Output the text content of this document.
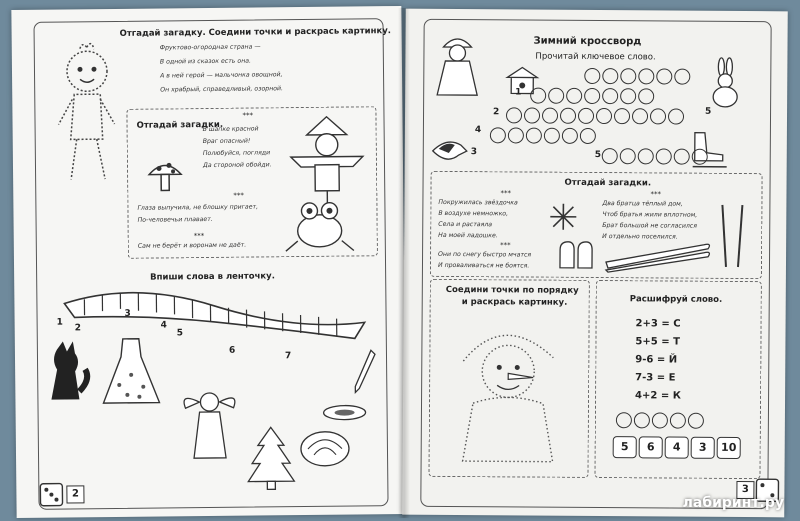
Отгадай загадку. Соедини точки и раскрась картинку.
Фруктово-огородная страна —
В одной из сказок есть она.
А в ней герой — мальчонка овощной,
Он храбрый, справедливый, озорной.
Отгадай загадки.
***
В шапке красной
Враг опасный!
Полюбуйся, погляди
Да стороной обойди.
***
Глаза выпучила, не блошку пригает,
По-человечьи плавает.
***
Сам не берёт и воронам не даёт.
Впиши слова в ленточку.
1
2
3
4
5
6
7
2
Зимний кроссворд
Прочитай ключевое слово.
1
2
4
3	5
5
Отгадай загадки.
***
Покружилась звёздочка
В воздухе немножко,
Села и растаяла
На моей ладошке.
***
Они по снегу быстро мчатся
И проваливаться не боятся.
***
Два братца тёплый дом,
Чтоб братья жили вплотном,
Брат большой не согласился
И отдельно поселился.
Соедини точки по порядку
и раскрась картинку.	Расшифруй слово.
2+3 = С
5+5 = Т
9-6 = Й
7-3 = Е
4+2 = К
5	6	4	3	10
3
лабиринт.ру
